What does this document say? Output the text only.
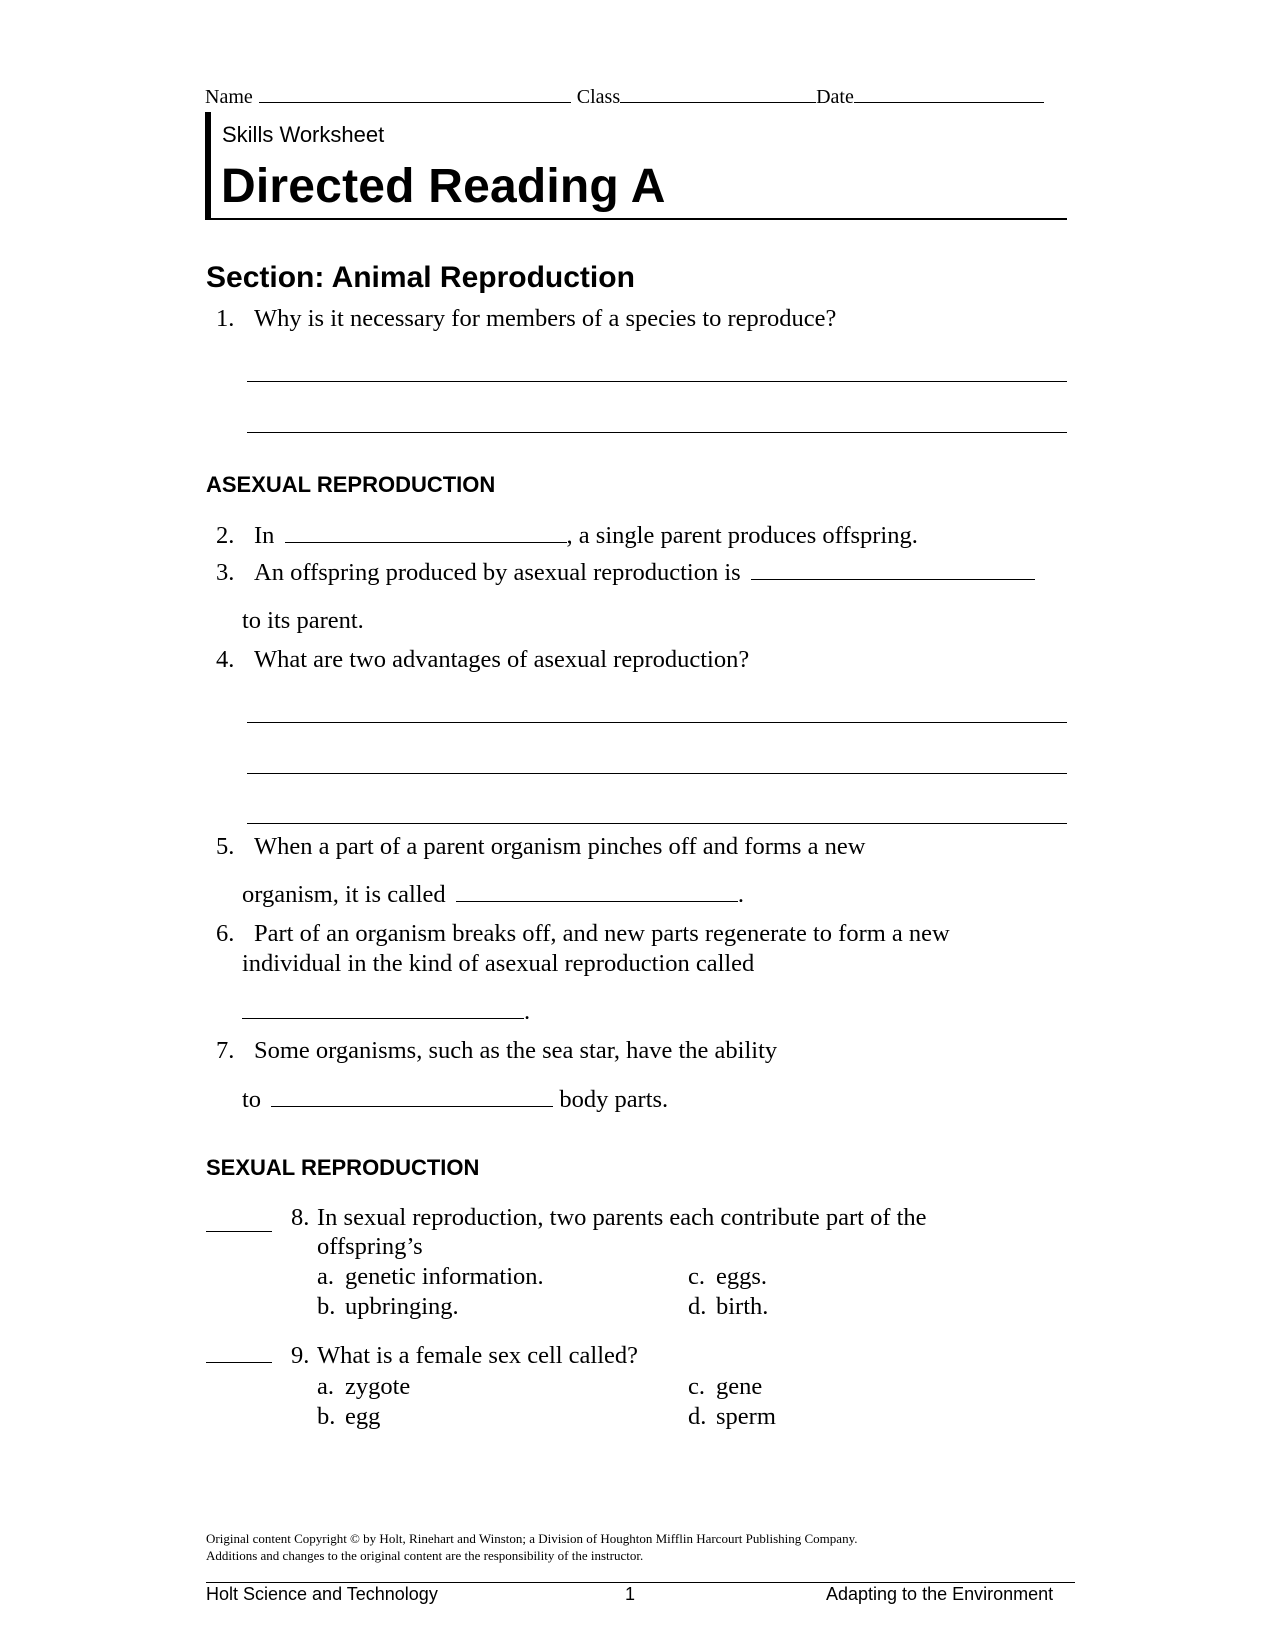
Name	Class	Date
Skills Worksheet
Directed Reading A
Section: Animal Reproduction
1. Why is it necessary for members of a species to reproduce?
ASEXUAL REPRODUCTION
2. In	, a single parent produces offspring.
3. An offspring produced by asexual reproduction is
to its parent.
4. What are two advantages of asexual reproduction?
5. When a part of a parent organism pinches off and forms a new
organism, it is called	.
6. Part of an organism breaks off, and new parts regenerate to form a new
individual in the kind of asexual reproduction called
.
7. Some organisms, such as the sea star, have the ability
to	body parts.
SEXUAL REPRODUCTION
8. In sexual reproduction, two parents each contribute part of the
offspring’s
a. genetic information.
b. upbringing.
c. eggs.
d. birth.
9. What is a female sex cell called?
a. zygote
b. egg
c. gene
d. sperm
Original content Copyright © by Holt, Rinehart and Winston; a Division of Houghton Mifflin Harcourt Publishing Company.
Additions and changes to the original content are the responsibility of the instructor.
Holt Science and Technology	1	Adapting to the Environment
